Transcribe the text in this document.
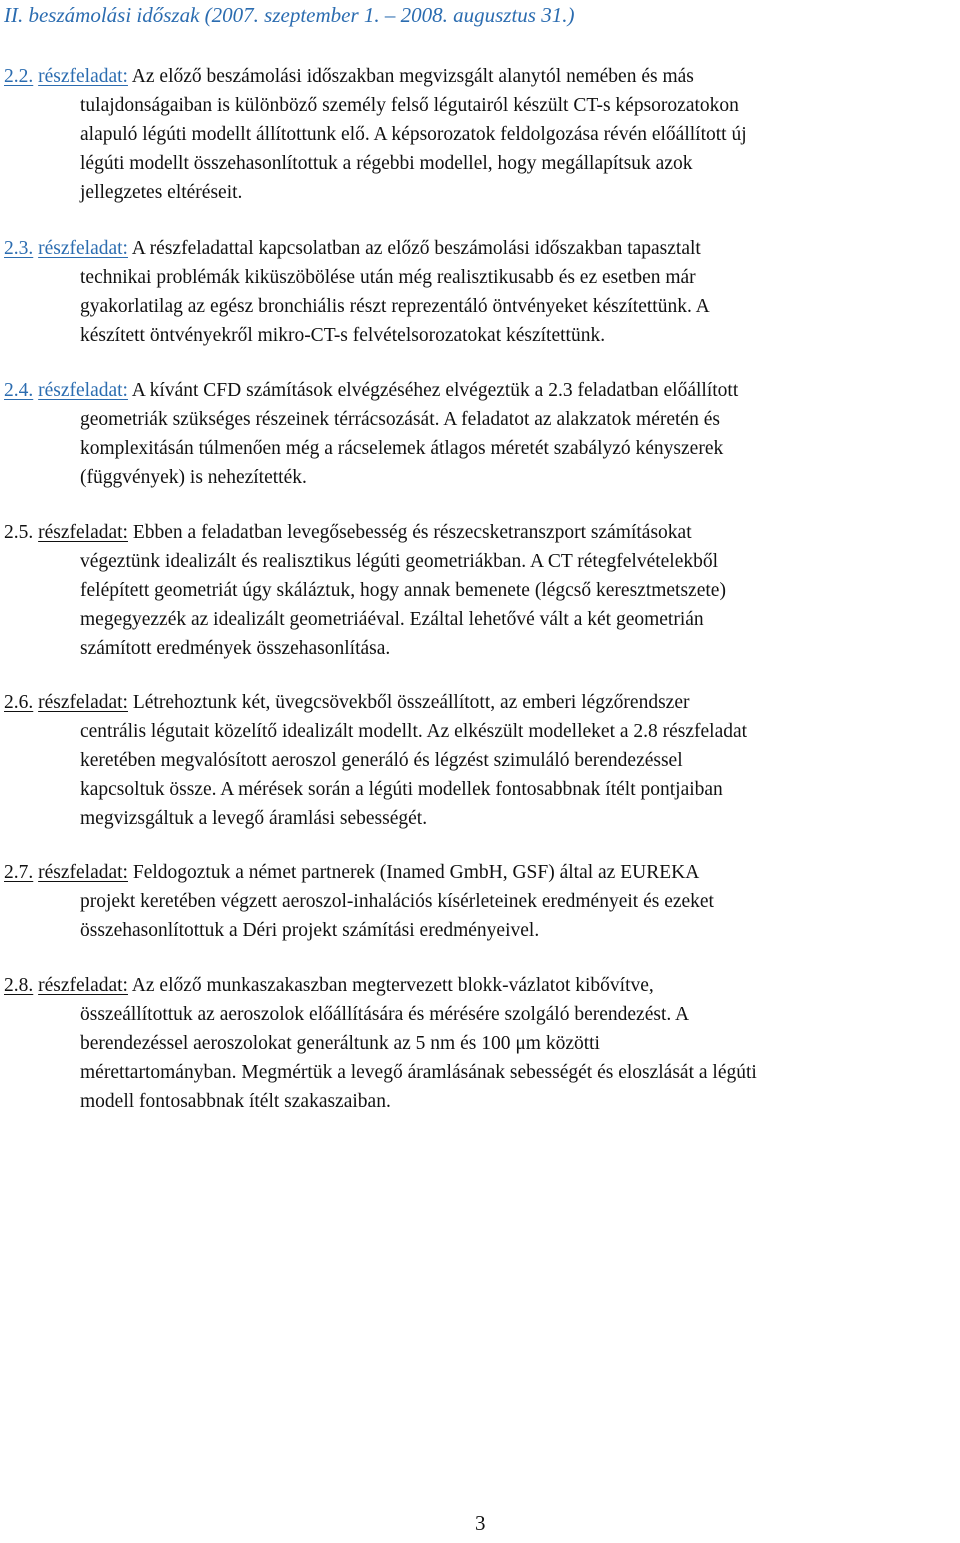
II. beszámolási időszak (2007. szeptember 1. – 2008. augusztus 31.)
2.2. részfeladat: Az előző beszámolási időszakban megvizsgált alanytól nemében és más
tulajdonságaiban is különböző személy felső légutairól készült CT-s képsorozatokon
alapuló légúti modellt állítottunk elő. A képsorozatok feldolgozása révén előállított új
légúti modellt összehasonlítottuk a régebbi modellel, hogy megállapítsuk azok
jellegzetes eltéréseit.
2.3. részfeladat: A részfeladattal kapcsolatban az előző beszámolási időszakban tapasztalt
technikai problémák kiküszöbölése után még realisztikusabb és ez esetben már
gyakorlatilag az egész bronchiális részt reprezentáló öntvényeket készítettünk. A
készített öntvényekről mikro-CT-s felvételsorozatokat készítettünk.
2.4. részfeladat: A kívánt CFD számítások elvégzéséhez elvégeztük a 2.3 feladatban előállított
geometriák szükséges részeinek térrácsozását. A feladatot az alakzatok méretén és
komplexitásán túlmenően még a rácselemek átlagos méretét szabályzó kényszerek
(függvények) is nehezítették.
2.5. részfeladat: Ebben a feladatban levegősebesség és részecsketranszport számításokat
végeztünk idealizált és realisztikus légúti geometriákban. A CT rétegfelvételekből
felépített geometriát úgy skáláztuk, hogy annak bemenete (légcső keresztmetszete)
megegyezzék az idealizált geometriáéval. Ezáltal lehetővé vált a két geometrián
számított eredmények összehasonlítása.
2.6. részfeladat: Létrehoztunk két, üvegcsövekből összeállított, az emberi légzőrendszer
centrális légutait közelítő idealizált modellt. Az elkészült modelleket a 2.8 részfeladat
keretében megvalósított aeroszol generáló és légzést szimuláló berendezéssel
kapcsoltuk össze. A mérések során a légúti modellek fontosabbnak ítélt pontjaiban
megvizsgáltuk a levegő áramlási sebességét.
2.7. részfeladat: Feldogoztuk a német partnerek (Inamed GmbH, GSF) által az EUREKA
projekt keretében végzett aeroszol-inhalációs kísérleteinek eredményeit és ezeket
összehasonlítottuk a Déri projekt számítási eredményeivel.
2.8. részfeladat: Az előző munkaszakaszban megtervezett blokk-vázlatot kibővítve,
összeállítottuk az aeroszolok előállítására és mérésére szolgáló berendezést. A
berendezéssel aeroszolokat generáltunk az 5 nm és 100 μm közötti
mérettartományban. Megmértük a levegő áramlásának sebességét és eloszlását a légúti
modell fontosabbnak ítélt szakaszaiban.
3
